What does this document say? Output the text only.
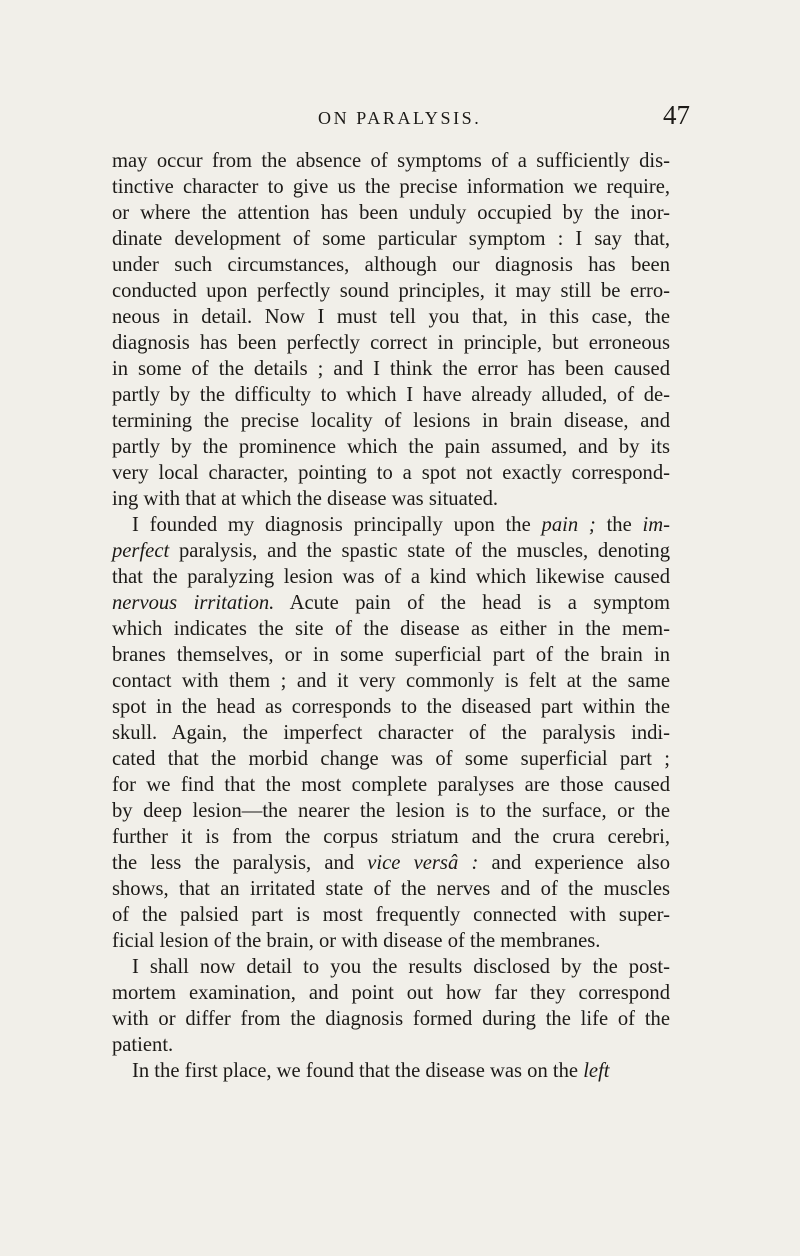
ON PARALYSIS.	47

may occur from the absence of symptoms of a sufficiently dis-
tinctive character to give us the precise information we require,
or where the attention has been unduly occupied by the inor-
dinate development of some particular symptom : I say that,
under such circumstances, although our diagnosis has been
conducted upon perfectly sound principles, it may still be erro-
neous in detail. Now I must tell you that, in this case, the
diagnosis has been perfectly correct in principle, but erroneous
in some of the details ; and I think the error has been caused
partly by the difficulty to which I have already alluded, of de-
termining the precise locality of lesions in brain disease, and
partly by the prominence which the pain assumed, and by its
very local character, pointing to a spot not exactly correspond-
ing with that at which the disease was situated.

I founded my diagnosis principally upon the pain ; the im-
perfect paralysis, and the spastic state of the muscles, denoting
that the paralyzing lesion was of a kind which likewise caused
nervous irritation. Acute pain of the head is a symptom
which indicates the site of the disease as either in the mem-
branes themselves, or in some superficial part of the brain in
contact with them ; and it very commonly is felt at the same
spot in the head as corresponds to the diseased part within the
skull. Again, the imperfect character of the paralysis indi-
cated that the morbid change was of some superficial part ;
for we find that the most complete paralyses are those caused
by deep lesion—the nearer the lesion is to the surface, or the
further it is from the corpus striatum and the crura cerebri,
the less the paralysis, and vice versâ : and experience also
shows, that an irritated state of the nerves and of the muscles
of the palsied part is most frequently connected with super-
ficial lesion of the brain, or with disease of the membranes.

I shall now detail to you the results disclosed by the post-
mortem examination, and point out how far they correspond
with or differ from the diagnosis formed during the life of the
patient.

In the first place, we found that the disease was on the left
